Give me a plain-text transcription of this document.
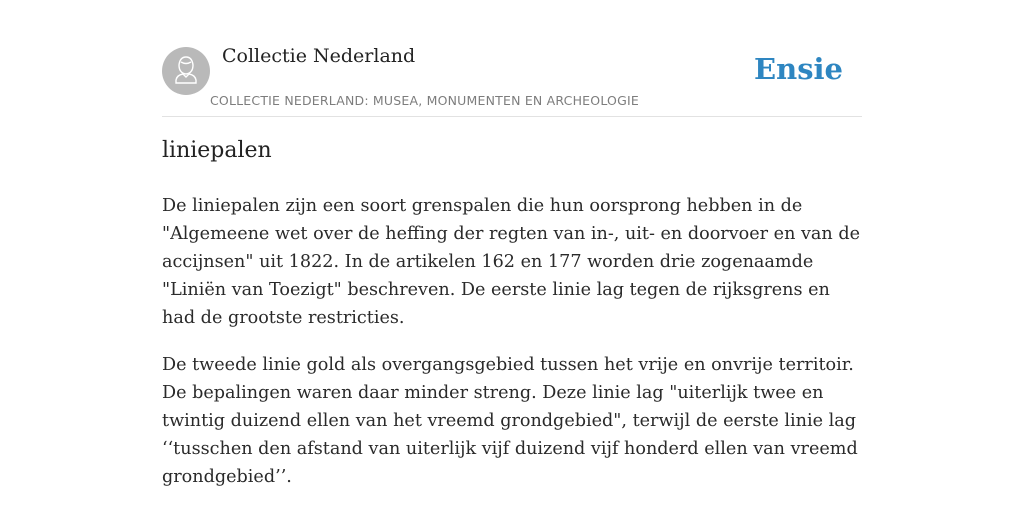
Collectie Nederland
COLLECTIE NEDERLAND: MUSEA, MONUMENTEN EN ARCHEOLOGIE
Ensie
liniepalen

De liniepalen zijn een soort grenspalen die hun oorsprong hebben in de "Algemeene wet over de heffing der regten van in-, uit- en doorvoer en van de accijnsen" uit 1822. In de artikelen 162 en 177 worden drie zogenaamde "Liniën van Toezigt" beschreven. De eerste linie lag tegen de rijksgrens en had de grootste restricties.

De tweede linie gold als overgangsgebied tussen het vrije en onvrije territoir. De bepalingen waren daar minder streng. Deze linie lag "uiterlijk twee en twintig duizend ellen van het vreemd grondgebied", terwijl de eerste linie lag ‘‘tusschen den afstand van uiterlijk vijf duizend vijf honderd ellen van vreemd grondgebied’’.
